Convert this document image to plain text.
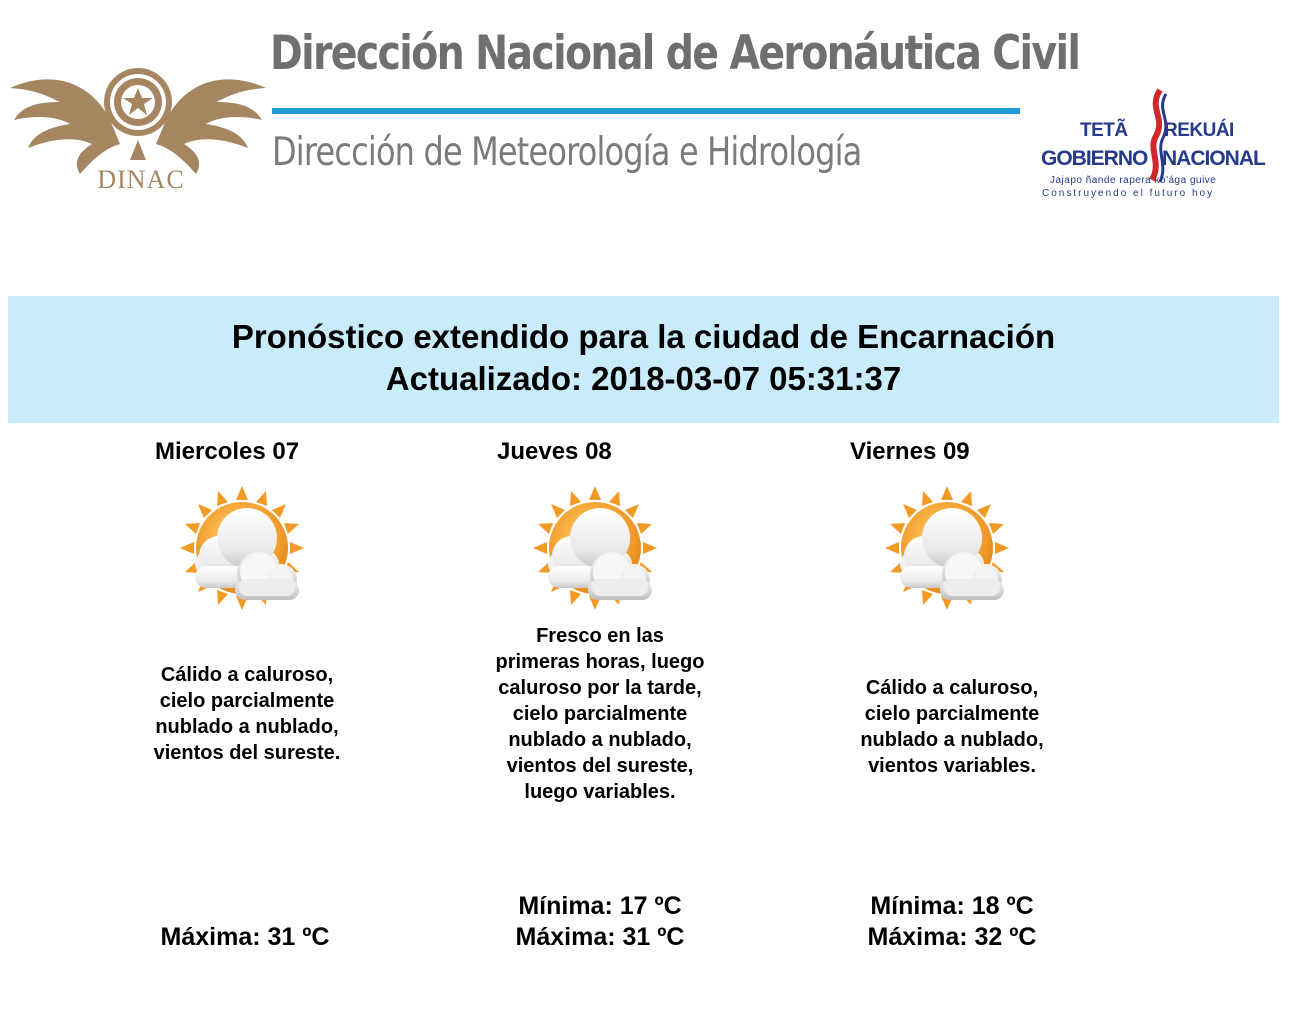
DINAC
Dirección Nacional de Aeronáutica Civil
Dirección de Meteorología e Hidrología	TETÃ REKUÁI
GOBIERNO NACIONAL
Jajapo ñande rapera ko'ága guive
Construyendo el futuro hoy
Pronóstico extendido para la ciudad de Encarnación
Actualizado: 2018-03-07 05:31:37
Miercoles 07
Cálido a caluroso, cielo parcialmente nublado a nublado, vientos del sureste.
Máxima: 31 ºC
Jueves 08
Fresco en las primeras horas, luego caluroso por la tarde, cielo parcialmente nublado a nublado, vientos del sureste, luego variables.
Mínima: 17 ºC
Máxima: 31 ºC
Viernes 09
Cálido a caluroso, cielo parcialmente nublado a nublado, vientos variables.
Mínima: 18 ºC
Máxima: 32 ºC
